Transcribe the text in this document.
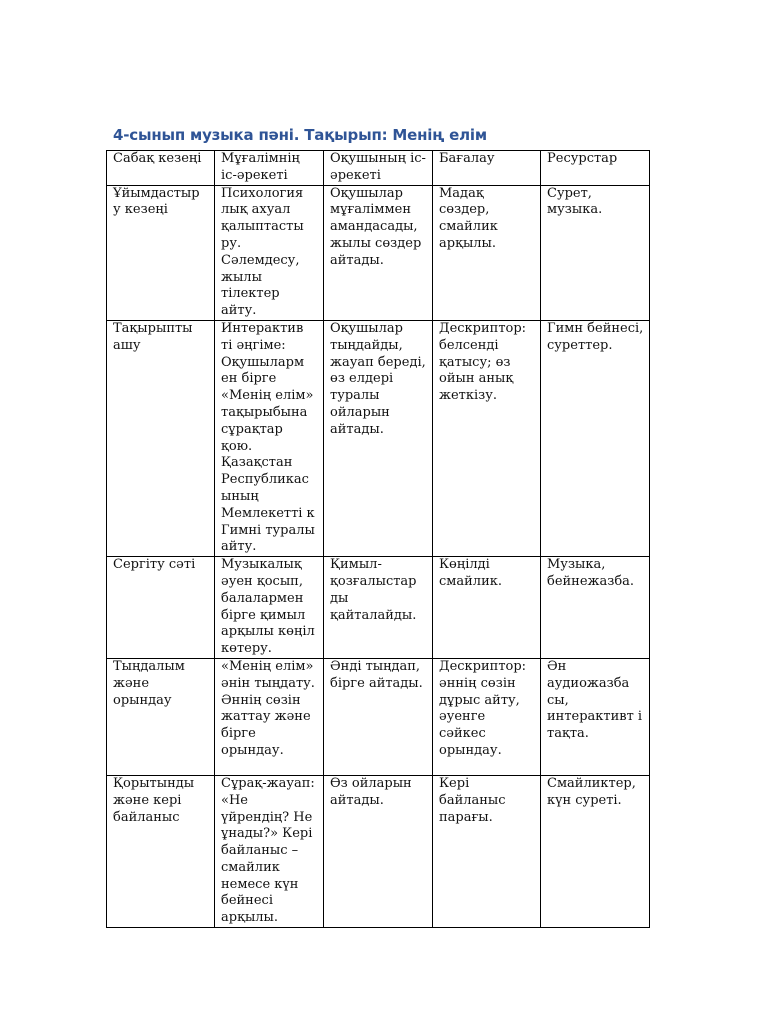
4-сынып музыка пәні. Тақырып: Менің елім
Сабақ кезеңі	Мұғалімнің іс-әрекеті	Оқушының іс-әрекеті	Бағалау	Ресурстар

Ұйымдастыр у кезеңі	Психология лық ахуал қалыптасты ру. Сәлемдесу, жылы тілектер айту.	Оқушылар мұғаліммен амандасады, жылы сөздер айтады.	Мадақ сөздер, смайлик арқылы.	Сурет, музыка.

Тақырыпты ашу	Интерактив ті әңгіме: Оқушыларм ен бірге «Менің елім» тақырыбына сұрақтар қою. Қазақстан Республикас ының Мемлекетті к Гимні туралы айту.	Оқушылар тыңдайды, жауап береді, өз елдері туралы ойларын айтады.	Дескриптор: белсенді қатысу; өз ойын анық жеткізу.	Гимн бейнесі, суреттер.

Сергіту сәті	Музыкалық әуен қосып, балалармен бірге қимыл арқылы көңіл көтеру.	Қимыл-қозғалыстар ды қайталайды.	Көңілді смайлик.	Музыка, бейнежазба.

Тыңдалым және орындау	«Менің елім» әнін тыңдату. Әннің сөзін жаттау және бірге орындау.	Әнді тыңдап, бірге айтады.	Дескриптор: әннің сөзін дұрыс айту, әуенге сәйкес орындау.	Ән аудиожазба сы, интерактивт і тақта.

Қорытынды және кері байланыс	Сұрақ-жауап: «Не үйрендің? Не ұнады?» Кері байланыс – смайлик немесе күн бейнесі арқылы.	Өз ойларын айтады.	Кері байланыс парағы.	Смайликтер, күн суреті.
